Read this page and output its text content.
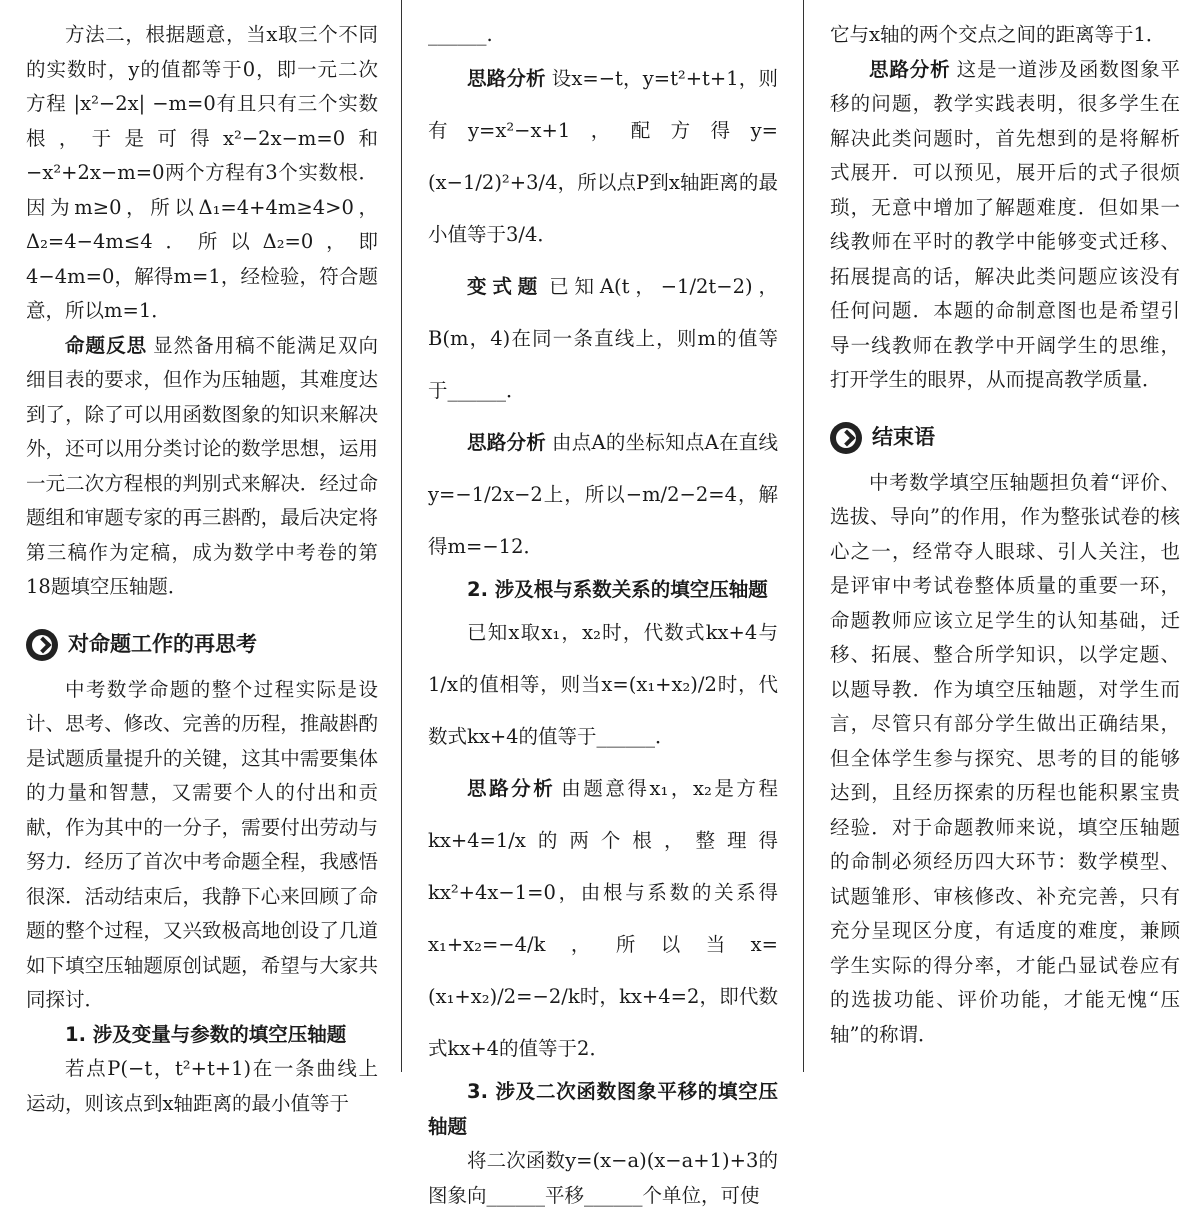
方法二，根据题意，当x取三个不同的实数时，y的值都等于0，即一元二次方程 |x²−2x| −m=0有且只有三个实数根，于是可得x²−2x−m=0和−x²+2x−m=0两个方程有3个实数根．因为m≥0，所以Δ₁=4+4m≥4>0，Δ₂=4−4m≤4．所以Δ₂=0，即4−4m=0，解得m=1，经检验，符合题意，所以m=1．

命题反思 显然备用稿不能满足双向细目表的要求，但作为压轴题，其难度达到了，除了可以用函数图象的知识来解决外，还可以用分类讨论的数学思想，运用一元二次方程根的判别式来解决．经过命题组和审题专家的再三斟酌，最后决定将第三稿作为定稿，成为数学中考卷的第18题填空压轴题．

对命题工作的再思考

中考数学命题的整个过程实际是设计、思考、修改、完善的历程，推敲斟酌是试题质量提升的关键，这其中需要集体的力量和智慧，又需要个人的付出和贡献，作为其中的一分子，需要付出劳动与努力．经历了首次中考命题全程，我感悟很深．活动结束后，我静下心来回顾了命题的整个过程，又兴致极高地创设了几道如下填空压轴题原创试题，希望与大家共同探讨．

1. 涉及变量与参数的填空压轴题

若点P(−t，t²+t+1)在一条曲线上运动，则该点到x轴距离的最小值等于

______.

思路分析 设x=−t，y=t²+t+1，则有y=x²−x+1，配方得y=(x−1/2)²+3/4，所以点P到x轴距离的最小值等于3/4．

变式题 已知A(t，−1/2t−2)，B(m，4)在同一条直线上，则m的值等于______．

思路分析 由点A的坐标知点A在直线y=−1/2x−2上，所以−m/2−2=4，解得m=−12．

2. 涉及根与系数关系的填空压轴题

已知x取x₁，x₂时，代数式kx+4与1/x的值相等，则当x=(x₁+x₂)/2时，代数式kx+4的值等于______．

思路分析 由题意得x₁，x₂是方程kx+4=1/x的两个根，整理得kx²+4x−1=0，由根与系数的关系得x₁+x₂=−4/k，所以当x=(x₁+x₂)/2=−2/k时，kx+4=2，即代数式kx+4的值等于2．

3. 涉及二次函数图象平移的填空压轴题

将二次函数y=(x−a)(x−a+1)+3的图象向______平移______个单位，可使

它与x轴的两个交点之间的距离等于1．

思路分析 这是一道涉及函数图象平移的问题，教学实践表明，很多学生在解决此类问题时，首先想到的是将解析式展开．可以预见，展开后的式子很烦琐，无意中增加了解题难度．但如果一线教师在平时的教学中能够变式迁移、拓展提高的话，解决此类问题应该没有任何问题．本题的命制意图也是希望引导一线教师在教学中开阔学生的思维，打开学生的眼界，从而提高教学质量．

结束语

中考数学填空压轴题担负着“评价、选拔、导向”的作用，作为整张试卷的核心之一，经常夺人眼球、引人关注，也是评审中考试卷整体质量的重要一环，命题教师应该立足学生的认知基础，迁移、拓展、整合所学知识，以学定题、以题导教．作为填空压轴题，对学生而言，尽管只有部分学生做出正确结果，但全体学生参与探究、思考的目的能够达到，且经历探索的历程也能积累宝贵经验．对于命题教师来说，填空压轴题的命制必须经历四大环节：数学模型、试题雏形、审核修改、补充完善，只有充分呈现区分度，有适度的难度，兼顾学生实际的得分率，才能凸显试卷应有的选拔功能、评价功能，才能无愧“压轴”的称谓．
